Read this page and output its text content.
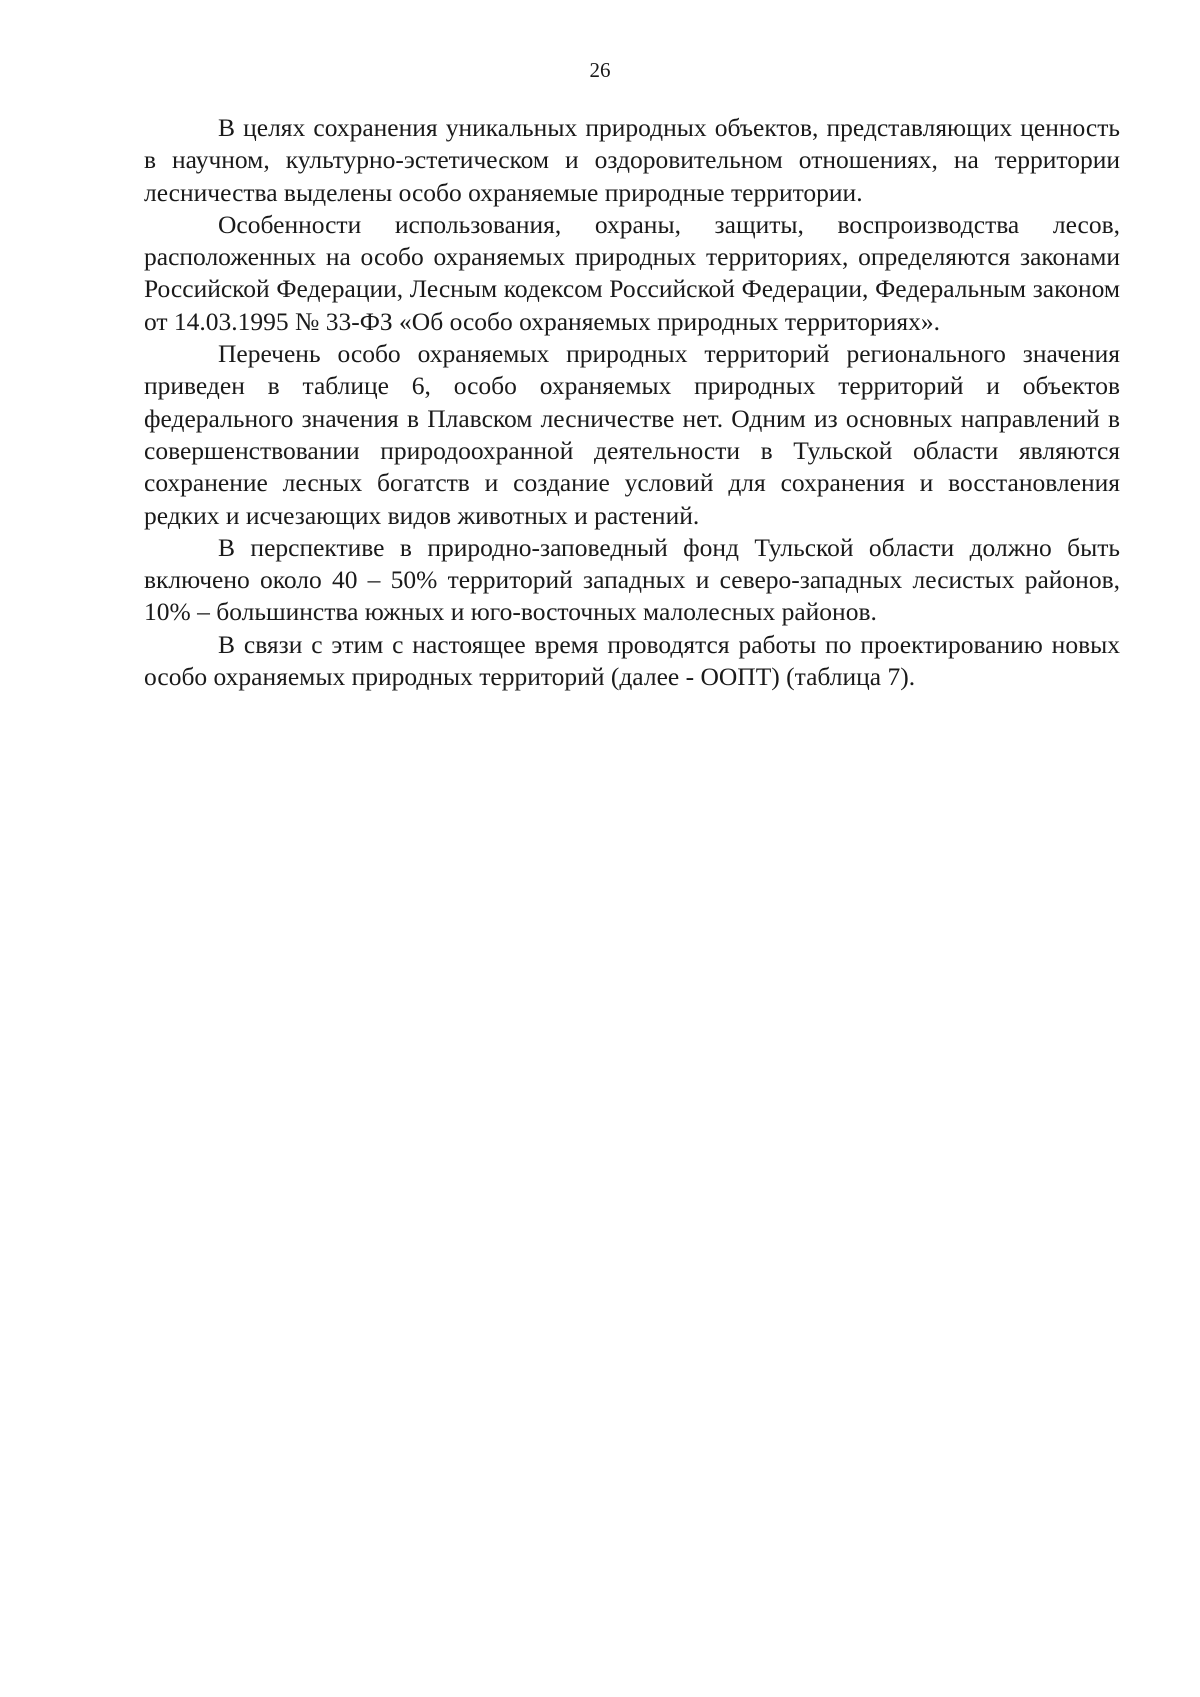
26

В целях сохранения уникальных природных объектов, представляющих ценность в научном, культурно-эстетическом и оздоровительном отношениях, на территории лесничества выделены особо охраняемые природные территории.

Особенности использования, охраны, защиты, воспроизводства лесов, расположенных на особо охраняемых природных территориях, определяются законами Российской Федерации, Лесным кодексом Российской Федерации, Федеральным законом от 14.03.1995 № 33-ФЗ «Об особо охраняемых природных территориях».

Перечень особо охраняемых природных территорий регионального значения приведен в таблице 6, особо охраняемых природных территорий и объектов федерального значения в Плавском лесничестве нет. Одним из основных направлений в совершенствовании природоохранной деятельности в Тульской области являются сохранение лесных богатств и создание условий для сохранения и восстановления редких и исчезающих видов животных и растений.

В перспективе в природно-заповедный фонд Тульской области должно быть включено около 40 – 50% территорий западных и северо-западных лесистых районов, 10% – большинства южных и юго-восточных малолесных районов.

В связи с этим с настоящее время проводятся работы по проектированию новых особо охраняемых природных территорий (далее - ООПТ) (таблица 7).
